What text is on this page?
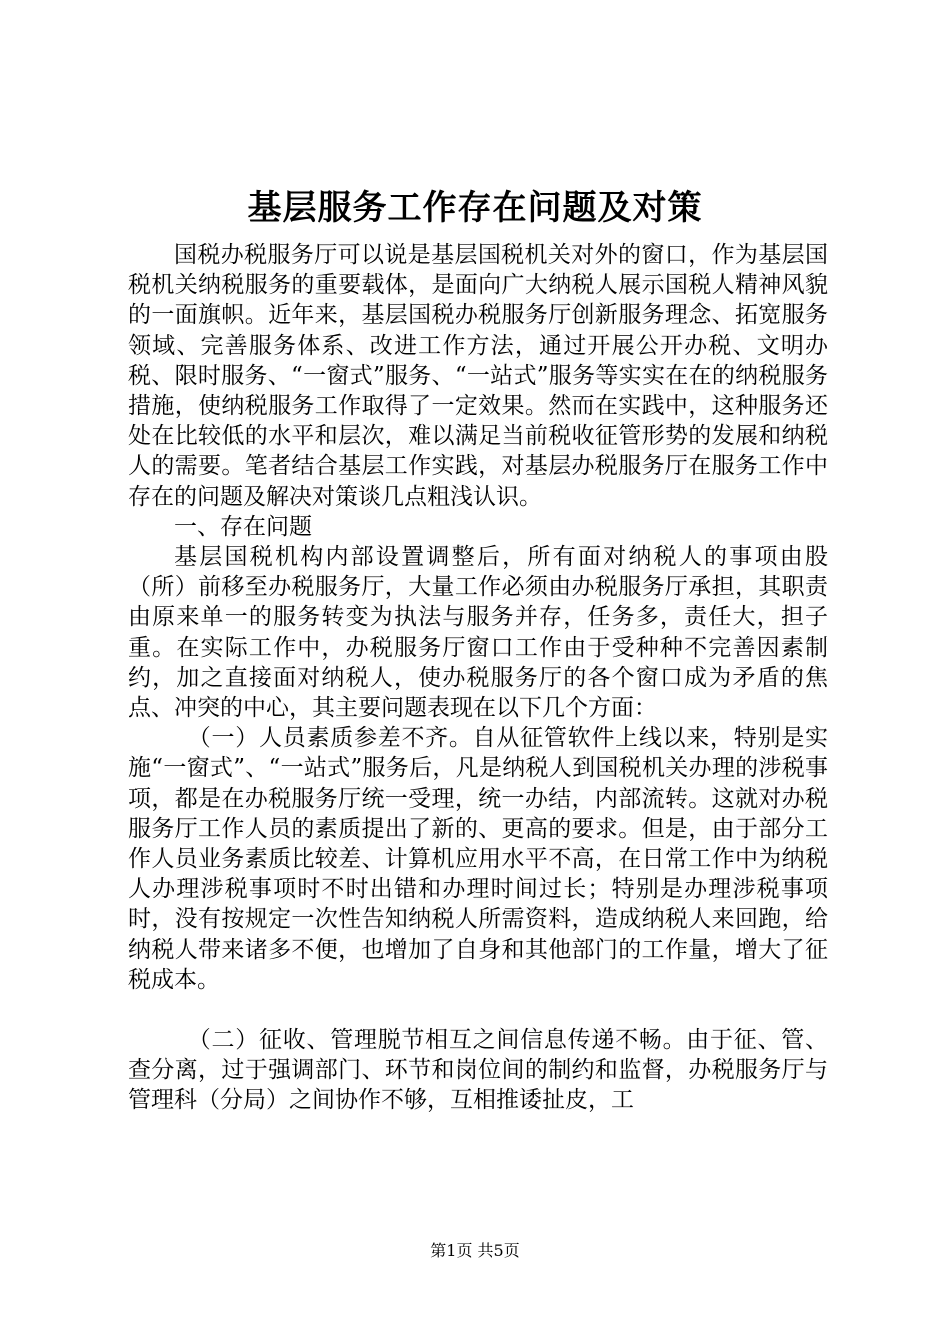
基层服务工作存在问题及对策

国税办税服务厅可以说是基层国税机关对外的窗口，作为基层国税机关纳税服务的重要载体，是面向广大纳税人展示国税人精神风貌的一面旗帜。近年来，基层国税办税服务厅创新服务理念、拓宽服务领域、完善服务体系、改进工作方法，通过开展公开办税、文明办税、限时服务、“一窗式”服务、“一站式”服务等实实在在的纳税服务措施，使纳税服务工作取得了一定效果。然而在实践中，这种服务还处在比较低的水平和层次，难以满足当前税收征管形势的发展和纳税人的需要。笔者结合基层工作实践，对基层办税服务厅在服务工作中存在的问题及解决对策谈几点粗浅认识。

一、存在问题

基层国税机构内部设置调整后，所有面对纳税人的事项由股（所）前移至办税服务厅，大量工作必须由办税服务厅承担，其职责由原来单一的服务转变为执法与服务并存，任务多，责任大，担子重。在实际工作中，办税服务厅窗口工作由于受种种不完善因素制约，加之直接面对纳税人，使办税服务厅的各个窗口成为矛盾的焦点、冲突的中心，其主要问题表现在以下几个方面：

（一）人员素质参差不齐。自从征管软件上线以来，特别是实施“一窗式”、“一站式”服务后，凡是纳税人到国税机关办理的涉税事项，都是在办税服务厅统一受理，统一办结，内部流转。这就对办税服务厅工作人员的素质提出了新的、更高的要求。但是，由于部分工作人员业务素质比较差、计算机应用水平不高，在日常工作中为纳税人办理涉税事项时不时出错和办理时间过长；特别是办理涉税事项时，没有按规定一次性告知纳税人所需资料，造成纳税人来回跑，给纳税人带来诸多不便，也增加了自身和其他部门的工作量，增大了征税成本。

（二）征收、管理脱节相互之间信息传递不畅。由于征、管、查分离，过于强调部门、环节和岗位间的制约和监督，办税服务厅与管理科（分局）之间协作不够，互相推诿扯皮，工

第1页 共5页
